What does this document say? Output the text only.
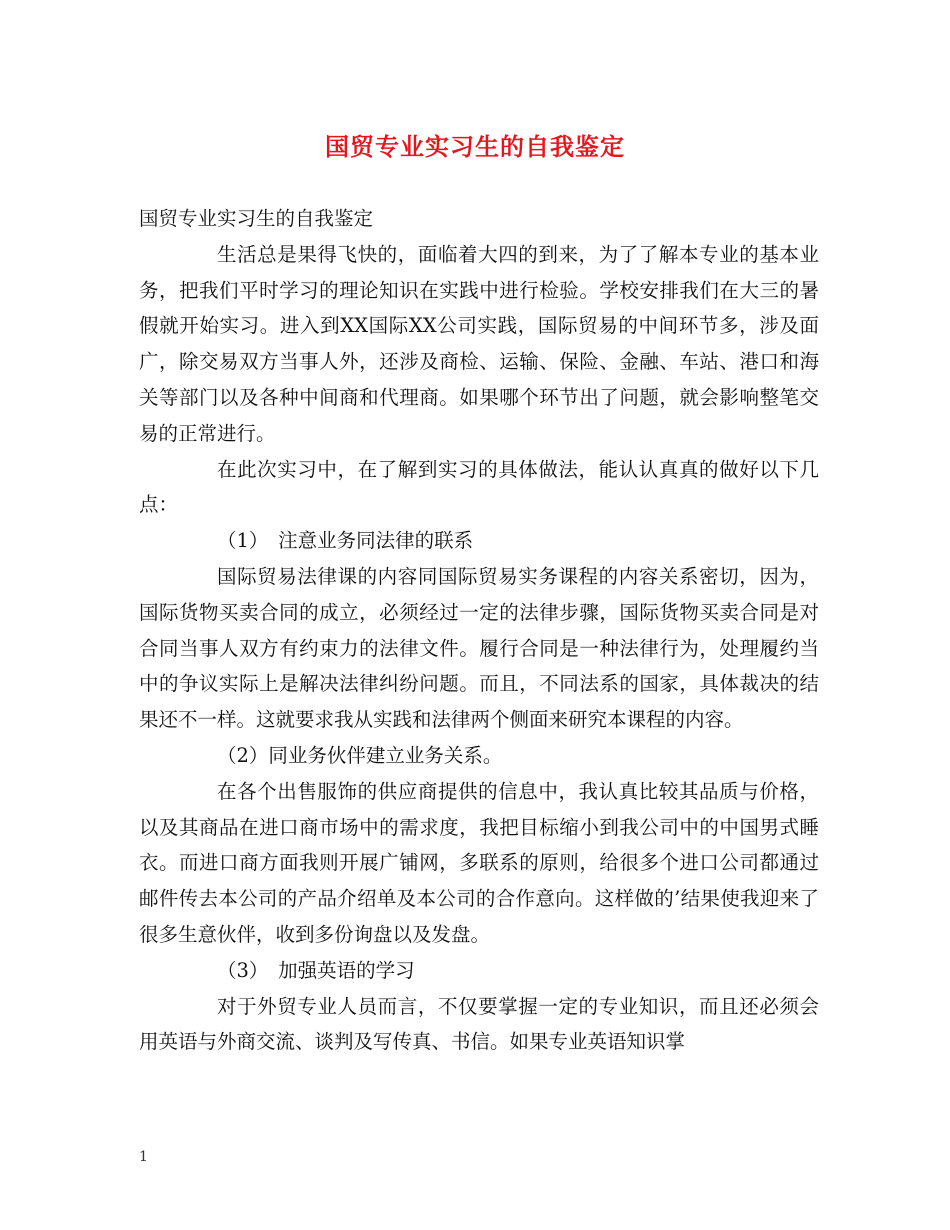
国贸专业实习生的自我鉴定

国贸专业实习生的自我鉴定

生活总是果得飞快的，面临着大四的到来，为了了解本专业的基本业务，把我们平时学习的理论知识在实践中进行检验。学校安排我们在大三的暑假就开始实习。进入到XX国际XX公司实践，国际贸易的中间环节多，涉及面广，除交易双方当事人外，还涉及商检、运输、保险、金融、车站、港口和海关等部门以及各种中间商和代理商。如果哪个环节出了问题，就会影响整笔交易的正常进行。

在此次实习中，在了解到实习的具体做法，能认认真真的做好以下几点：

（1）　注意业务同法律的联系

国际贸易法律课的内容同国际贸易实务课程的内容关系密切，因为，国际货物买卖合同的成立，必须经过一定的法律步骤，国际货物买卖合同是对合同当事人双方有约束力的法律文件。履行合同是一种法律行为，处理履约当中的争议实际上是解决法律纠纷问题。而且，不同法系的国家，具体裁决的结果还不一样。这就要求我从实践和法律两个侧面来研究本课程的内容。

（2）同业务伙伴建立业务关系。

在各个出售服饰的供应商提供的信息中，我认真比较其品质与价格，以及其商品在进口商市场中的需求度，我把目标缩小到我公司中的中国男式睡衣。而进口商方面我则开展广铺网，多联系的原则，给很多个进口公司都通过邮件传去本公司的产品介绍单及本公司的合作意向。这样做的’结果使我迎来了很多生意伙伴，收到多份询盘以及发盘。

（3）　加强英语的学习

对于外贸专业人员而言，不仅要掌握一定的专业知识，而且还必须会用英语与外商交流、谈判及写传真、书信。如果专业英语知识掌

1
